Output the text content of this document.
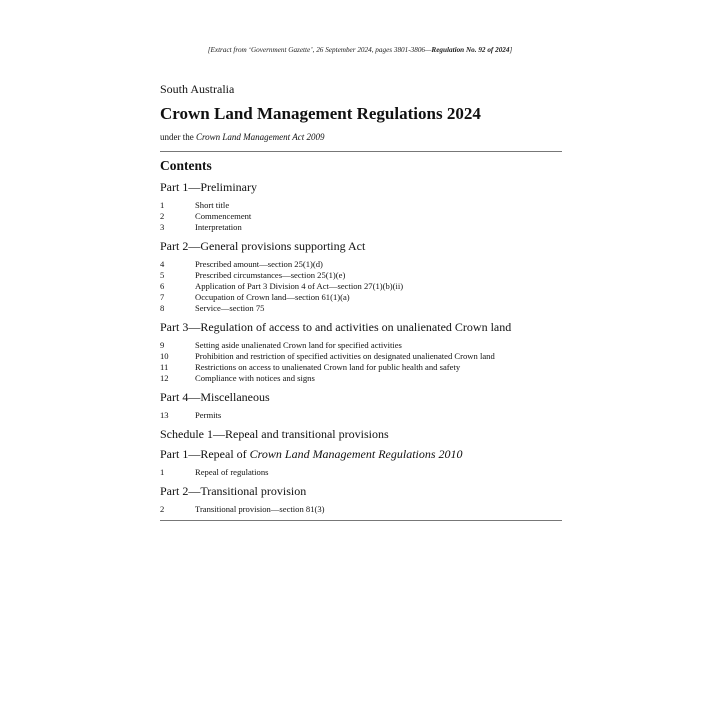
[Extract from ‘Government Gazette’, 26 September 2024, pages 3801-3806—Regulation No. 92 of 2024]
South Australia
Crown Land Management Regulations 2024
under the Crown Land Management Act 2009
Contents
Part 1—Preliminary
1	Short title
2	Commencement
3	Interpretation
Part 2—General provisions supporting Act
4	Prescribed amount—section 25(1)(d)
5	Prescribed circumstances—section 25(1)(e)
6	Application of Part 3 Division 4 of Act—section 27(1)(b)(ii)
7	Occupation of Crown land—section 61(1)(a)
8	Service—section 75
Part 3—Regulation of access to and activities on unalienated Crown land
9	Setting aside unalienated Crown land for specified activities
10	Prohibition and restriction of specified activities on designated unalienated Crown land
11	Restrictions on access to unalienated Crown land for public health and safety
12	Compliance with notices and signs
Part 4—Miscellaneous
13	Permits
Schedule 1—Repeal and transitional provisions
Part 1—Repeal of Crown Land Management Regulations 2010
1	Repeal of regulations
Part 2—Transitional provision
2	Transitional provision—section 81(3)
